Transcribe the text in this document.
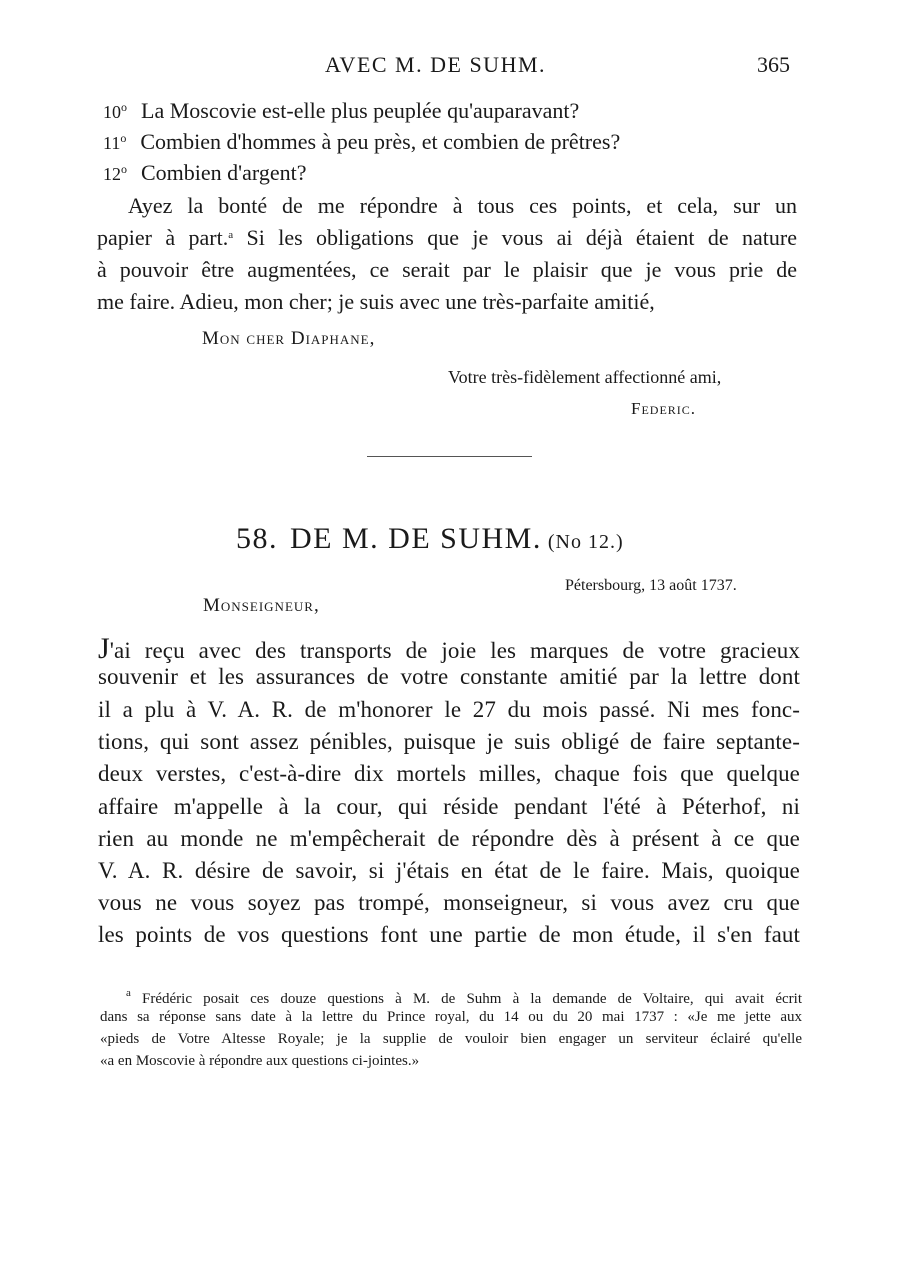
AVEC M. DE SUHM.	365
10$^o$ La Moscovie est-elle plus peuplée qu'auparavant?
11$^o$ Combien d'hommes à peu près, et combien de prêtres?
12$^o$ Combien d'argent?
Ayez la bonté de me répondre à tous ces points, et cela, sur un
papier à part.$^a$ Si les obligations que je vous ai déjà étaient de nature
à pouvoir être augmentées, ce serait par le plaisir que je vous prie de
me faire. Adieu, mon cher; je suis avec une très-parfaite amitié,
Mon cher Diaphane,
Votre très-fidèlement affectionné ami,
Federic.
58. DE M. DE SUHM. (No 12.)
Pétersbourg, 13 août 1737.
Monseigneur,
J'ai reçu avec des transports de joie les marques de votre gracieux
souvenir et les assurances de votre constante amitié par la lettre dont
il a plu à V. A. R. de m'honorer le 27 du mois passé. Ni mes fonc-
tions, qui sont assez pénibles, puisque je suis obligé de faire septante-
deux verstes, c'est-à-dire dix mortels milles, chaque fois que quelque
affaire m'appelle à la cour, qui réside pendant l'été à Péterhof, ni
rien au monde ne m'empêcherait de répondre dès à présent à ce que
V. A. R. désire de savoir, si j'étais en état de le faire. Mais, quoique
vous ne vous soyez pas trompé, monseigneur, si vous avez cru que
les points de vos questions font une partie de mon étude, il s'en faut
$^a$ Frédéric posait ces douze questions à M. de Suhm à la demande de Voltaire, qui avait écrit
dans sa réponse sans date à la lettre du Prince royal, du 14 ou du 20 mai 1737 : «Je me jette aux
«pieds de Votre Altesse Royale; je la supplie de vouloir bien engager un serviteur éclairé qu'elle
«a en Moscovie à répondre aux questions ci-jointes.»
